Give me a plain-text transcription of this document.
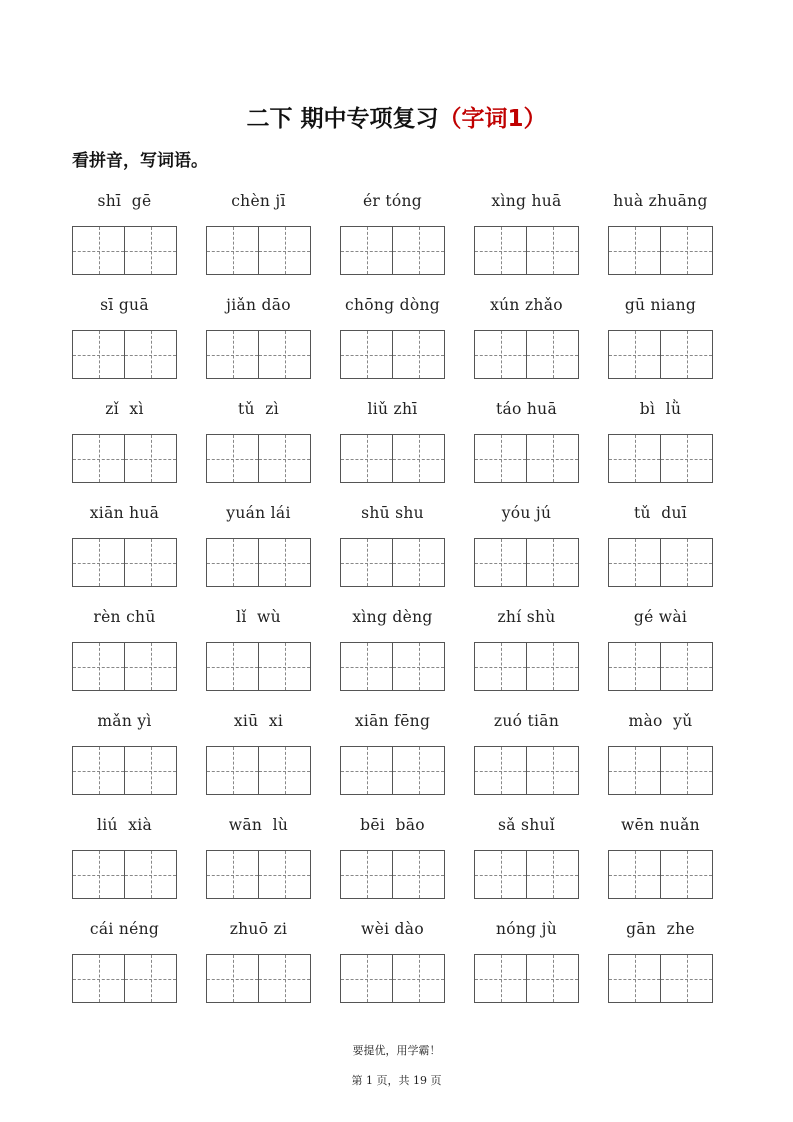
二下 期中专项复习（字词1）
看拼音，写词语。
shī  gē	chèn jī	ér tóng	xìng huā	huà zhuāng
sī guā	jiǎn dāo	chōng dòng	xún zhǎo	gū niang
zǐ  xì	tǔ  zì	liǔ zhī	táo huā	bì  lǜ
xiān huā	yuán lái	shū shu	yóu jú	tǔ  duī
rèn chū	lǐ  wù	xìng dèng	zhí shù	gé wài
mǎn yì	xiū  xi	xiān fēng	zuó tiān	mào  yǔ
liú  xià	wān  lù	bēi  bāo	sǎ shuǐ	wēn nuǎn
cái néng	zhuō zi	wèi dào	nóng jù	gān  zhe
要提优，用学霸！
第 1 页，共 19 页
